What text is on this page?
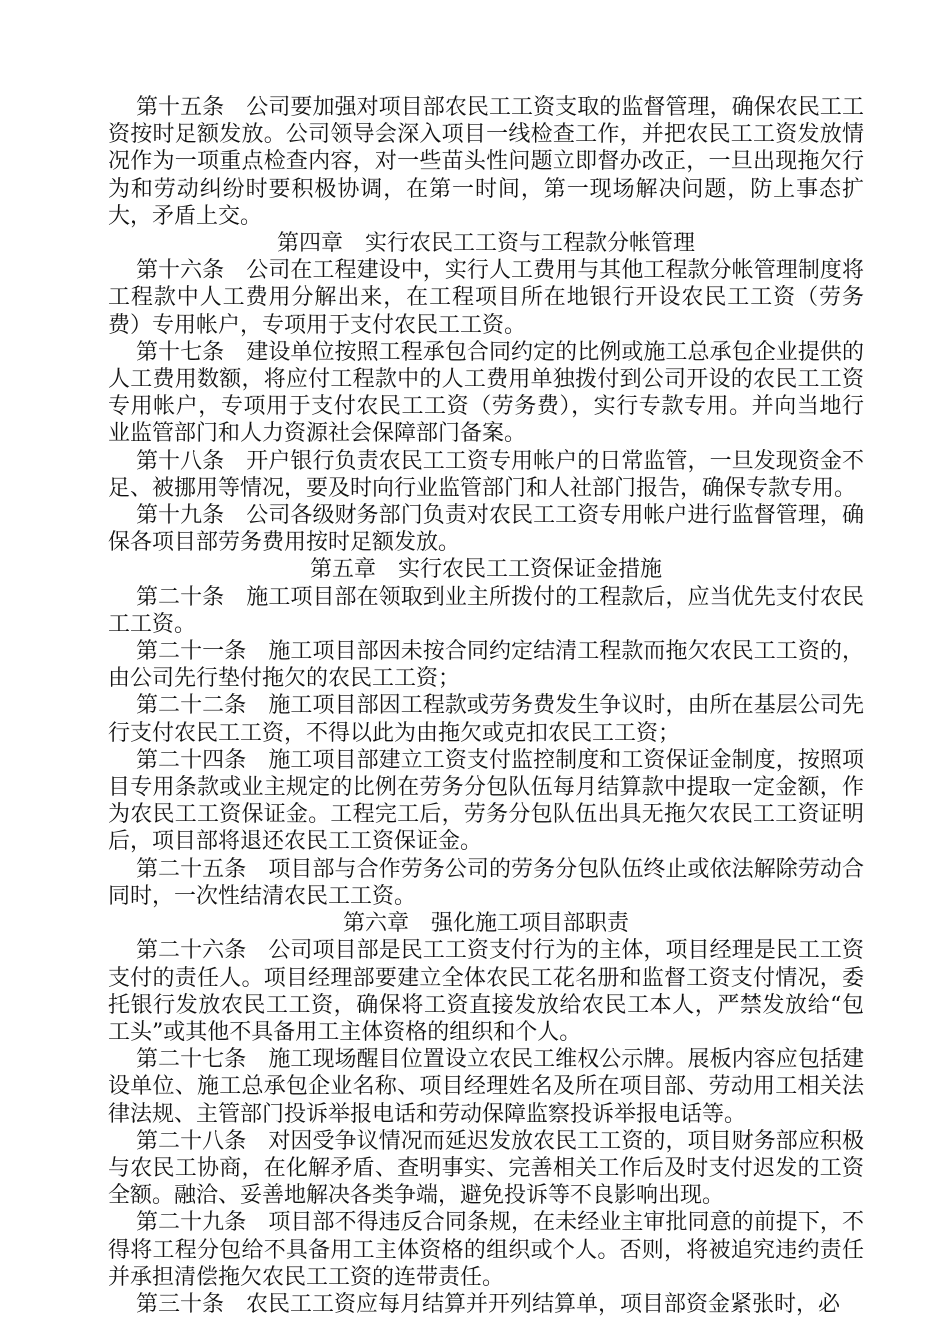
第十五条　公司要加强对项目部农民工工资支取的监督管理，确保农民工工资按时足额发放。公司领导会深入项目一线检查工作，并把农民工工资发放情况作为一项重点检查内容，对一些苗头性问题立即督办改正，一旦出现拖欠行为和劳动纠纷时要积极协调，在第一时间，第一现场解决问题，防上事态扩大，矛盾上交。

第四章　实行农民工工资与工程款分帐管理

第十六条　公司在工程建设中，实行人工费用与其他工程款分帐管理制度将工程款中人工费用分解出来，在工程项目所在地银行开设农民工工资（劳务费）专用帐户，专项用于支付农民工工资。

第十七条　建设单位按照工程承包合同约定的比例或施工总承包企业提供的人工费用数额，将应付工程款中的人工费用单独拨付到公司开设的农民工工资专用帐户，专项用于支付农民工工资（劳务费），实行专款专用。并向当地行业监管部门和人力资源社会保障部门备案。

第十八条　开户银行负责农民工工资专用帐户的日常监管，一旦发现资金不足、被挪用等情况，要及时向行业监管部门和人社部门报告，确保专款专用。

第十九条　公司各级财务部门负责对农民工工资专用帐户进行监督管理，确保各项目部劳务费用按时足额发放。

第五章　实行农民工工资保证金措施

第二十条　施工项目部在领取到业主所拨付的工程款后，应当优先支付农民工工资。

第二十一条　施工项目部因未按合同约定结清工程款而拖欠农民工工资的，由公司先行垫付拖欠的农民工工资；

第二十二条　施工项目部因工程款或劳务费发生争议时，由所在基层公司先行支付农民工工资，不得以此为由拖欠或克扣农民工工资；

第二十四条　施工项目部建立工资支付监控制度和工资保证金制度，按照项目专用条款或业主规定的比例在劳务分包队伍每月结算款中提取一定金额，作为农民工工资保证金。工程完工后，劳务分包队伍出具无拖欠农民工工资证明后，项目部将退还农民工工资保证金。

第二十五条　项目部与合作劳务公司的劳务分包队伍终止或依法解除劳动合同时，一次性结清农民工工资。

第六章　强化施工项目部职责

第二十六条　公司项目部是民工工资支付行为的主体，项目经理是民工工资支付的责任人。项目经理部要建立全体农民工花名册和监督工资支付情况，委托银行发放农民工工资，确保将工资直接发放给农民工本人，严禁发放给“包工头”或其他不具备用工主体资格的组织和个人。

第二十七条　施工现场醒目位置设立农民工维权公示牌。展板内容应包括建设单位、施工总承包企业名称、项目经理姓名及所在项目部、劳动用工相关法律法规、主管部门投诉举报电话和劳动保障监察投诉举报电话等。

第二十八条　对因受争议情况而延迟发放农民工工资的，项目财务部应积极与农民工协商，在化解矛盾、查明事实、完善相关工作后及时支付迟发的工资全额。融洽、妥善地解决各类争端，避免投诉等不良影响出现。

第二十九条　项目部不得违反合同条规，在未经业主审批同意的前提下，不得将工程分包给不具备用工主体资格的组织或个人。否则，将被追究违约责任并承担清偿拖欠农民工工资的连带责任。

第三十条　农民工工资应每月结算并开列结算单，项目部资金紧张时，必
